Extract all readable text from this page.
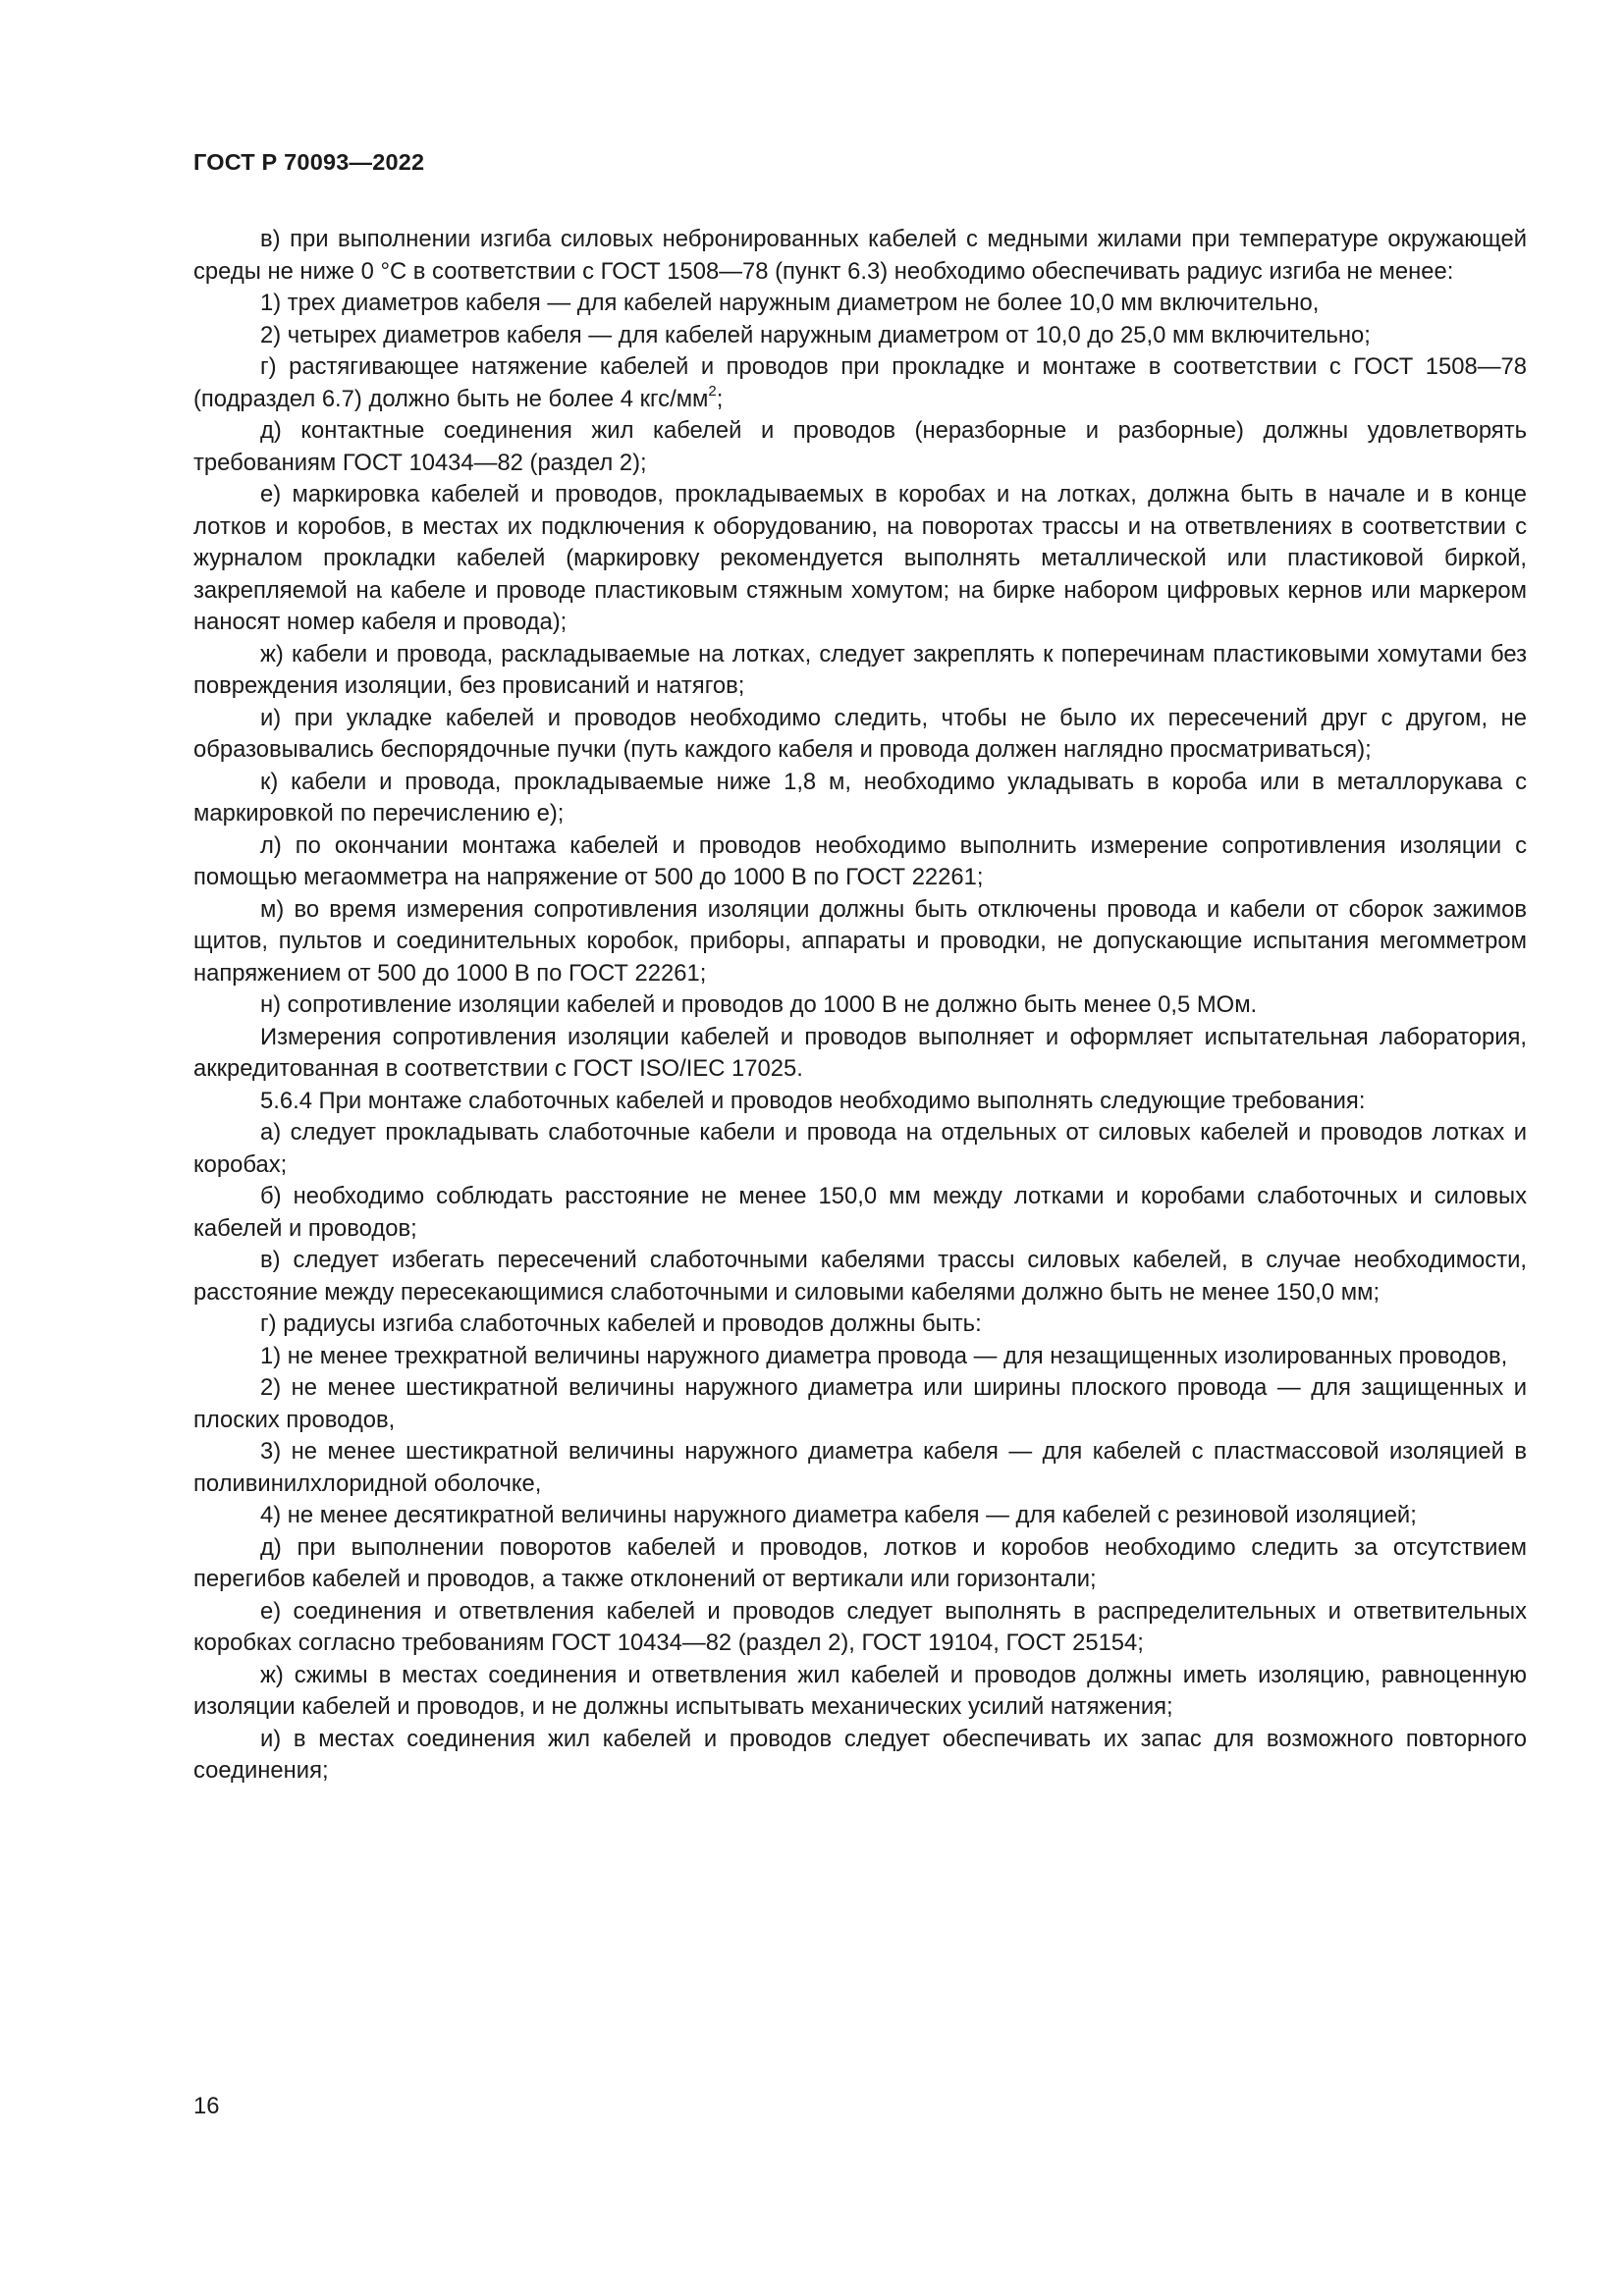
ГОСТ Р 70093—2022

в) при выполнении изгиба силовых небронированных кабелей с медными жилами при температуре окружающей среды не ниже 0 °С в соответствии с ГОСТ 1508—78 (пункт 6.3) необходимо обеспечивать радиус изгиба не менее:

1) трех диаметров кабеля — для кабелей наружным диаметром не более 10,0 мм включительно,

2) четырех диаметров кабеля — для кабелей наружным диаметром от 10,0 до 25,0 мм включительно;

г) растягивающее натяжение кабелей и проводов при прокладке и монтаже в соответствии с ГОСТ 1508—78 (подраздел 6.7) должно быть не более 4 кгс/$мм^2$;

д) контактные соединения жил кабелей и проводов (неразборные и разборные) должны удовлетворять требованиям ГОСТ 10434—82 (раздел 2);

е) маркировка кабелей и проводов, прокладываемых в коробах и на лотках, должна быть в начале и в конце лотков и коробов, в местах их подключения к оборудованию, на поворотах трассы и на ответвлениях в соответствии с журналом прокладки кабелей (маркировку рекомендуется выполнять металлической или пластиковой биркой, закрепляемой на кабеле и проводе пластиковым стяжным хомутом; на бирке набором цифровых кернов или маркером наносят номер кабеля и провода);

ж) кабели и провода, раскладываемые на лотках, следует закреплять к поперечинам пластиковыми хомутами без повреждения изоляции, без провисаний и натягов;

и) при укладке кабелей и проводов необходимо следить, чтобы не было их пересечений друг с другом, не образовывались беспорядочные пучки (путь каждого кабеля и провода должен наглядно просматриваться);

к) кабели и провода, прокладываемые ниже 1,8 м, необходимо укладывать в короба или в металлорукава с маркировкой по перечислению е);

л) по окончании монтажа кабелей и проводов необходимо выполнить измерение сопротивления изоляции с помощью мегаомметра на напряжение от 500 до 1000 В по ГОСТ 22261;

м) во время измерения сопротивления изоляции должны быть отключены провода и кабели от сборок зажимов щитов, пультов и соединительных коробок, приборы, аппараты и проводки, не допускающие испытания мегомметром напряжением от 500 до 1000 В по ГОСТ 22261;

н) сопротивление изоляции кабелей и проводов до 1000 В не должно быть менее 0,5 МОм.

Измерения сопротивления изоляции кабелей и проводов выполняет и оформляет испытательная лаборатория, аккредитованная в соответствии с ГОСТ ISO/IEC 17025.

5.6.4 При монтаже слаботочных кабелей и проводов необходимо выполнять следующие требования:

а) следует прокладывать слаботочные кабели и провода на отдельных от силовых кабелей и проводов лотках и коробах;

б) необходимо соблюдать расстояние не менее 150,0 мм между лотками и коробами слаботочных и силовых кабелей и проводов;

в) следует избегать пересечений слаботочными кабелями трассы силовых кабелей, в случае необходимости, расстояние между пересекающимися слаботочными и силовыми кабелями должно быть не менее 150,0 мм;

г) радиусы изгиба слаботочных кабелей и проводов должны быть:

1) не менее трехкратной величины наружного диаметра провода — для незащищенных изолированных проводов,

2) не менее шестикратной величины наружного диаметра или ширины плоского провода — для защищенных и плоских проводов,

3) не менее шестикратной величины наружного диаметра кабеля — для кабелей с пластмассовой изоляцией в поливинилхлоридной оболочке,

4) не менее десятикратной величины наружного диаметра кабеля — для кабелей с резиновой изоляцией;

д) при выполнении поворотов кабелей и проводов, лотков и коробов необходимо следить за отсутствием перегибов кабелей и проводов, а также отклонений от вертикали или горизонтали;

е) соединения и ответвления кабелей и проводов следует выполнять в распределительных и ответвительных коробках согласно требованиям ГОСТ 10434—82 (раздел 2), ГОСТ 19104, ГОСТ 25154;

ж) сжимы в местах соединения и ответвления жил кабелей и проводов должны иметь изоляцию, равноценную изоляции кабелей и проводов, и не должны испытывать механических усилий натяжения;

и) в местах соединения жил кабелей и проводов следует обеспечивать их запас для возможного повторного соединения;

16
